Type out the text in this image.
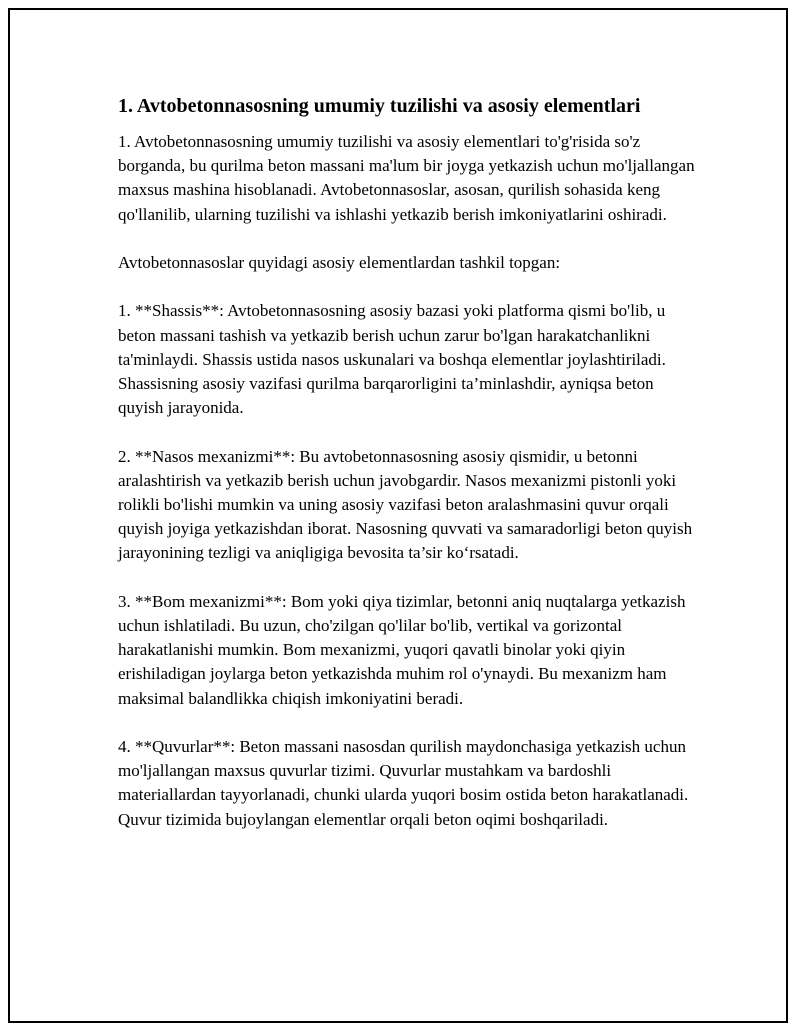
1. Avtobetonnasosning umumiy tuzilishi va asosiy elementlari

1. Avtobetonnasosning umumiy tuzilishi va asosiy elementlari to'g'risida so'z borganda, bu qurilma beton massani ma'lum bir joyga yetkazish uchun mo'ljallangan maxsus mashina hisoblanadi. Avtobetonnasoslar, asosan, qurilish sohasida keng qo'llanilib, ularning tuzilishi va ishlashi yetkazib berish imkoniyatlarini oshiradi.

Avtobetonnasoslar quyidagi asosiy elementlardan tashkil topgan:

1. **Shassis**: Avtobetonnasosning asosiy bazasi yoki platforma qismi bo'lib, u beton massani tashish va yetkazib berish uchun zarur bo'lgan harakatchanlikni ta'minlaydi. Shassis ustida nasos uskunalari va boshqa elementlar joylashtiriladi. Shassisning asosiy vazifasi qurilma barqarorligini ta’minlashdir, ayniqsa beton quyish jarayonida.

2. **Nasos mexanizmi**: Bu avtobetonnasosning asosiy qismidir, u betonni aralashtirish va yetkazib berish uchun javobgardir. Nasos mexanizmi pistonli yoki rolikli bo'lishi mumkin va uning asosiy vazifasi beton aralashmasini quvur orqali quyish joyiga yetkazishdan iborat. Nasosning quvvati va samaradorligi beton quyish jarayonining tezligi va aniqligiga bevosita ta’sir ko‘rsatadi.

3. **Bom mexanizmi**: Bom yoki qiya tizimlar, betonni aniq nuqtalarga yetkazish uchun ishlatiladi. Bu uzun, cho'zilgan qo'lilar bo'lib, vertikal va gorizontal harakatlanishi mumkin. Bom mexanizmi, yuqori qavatli binolar yoki qiyin erishiladigan joylarga beton yetkazishda muhim rol o'ynaydi. Bu mexanizm ham maksimal balandlikka chiqish imkoniyatini beradi.

4. **Quvurlar**: Beton massani nasosdan qurilish maydonchasiga yetkazish uchun mo'ljallangan maxsus quvurlar tizimi. Quvurlar mustahkam va bardoshli materiallardan tayyorlanadi, chunki ularda yuqori bosim ostida beton harakatlanadi. Quvur tizimida bujoylangan elementlar orqali beton oqimi boshqariladi.
